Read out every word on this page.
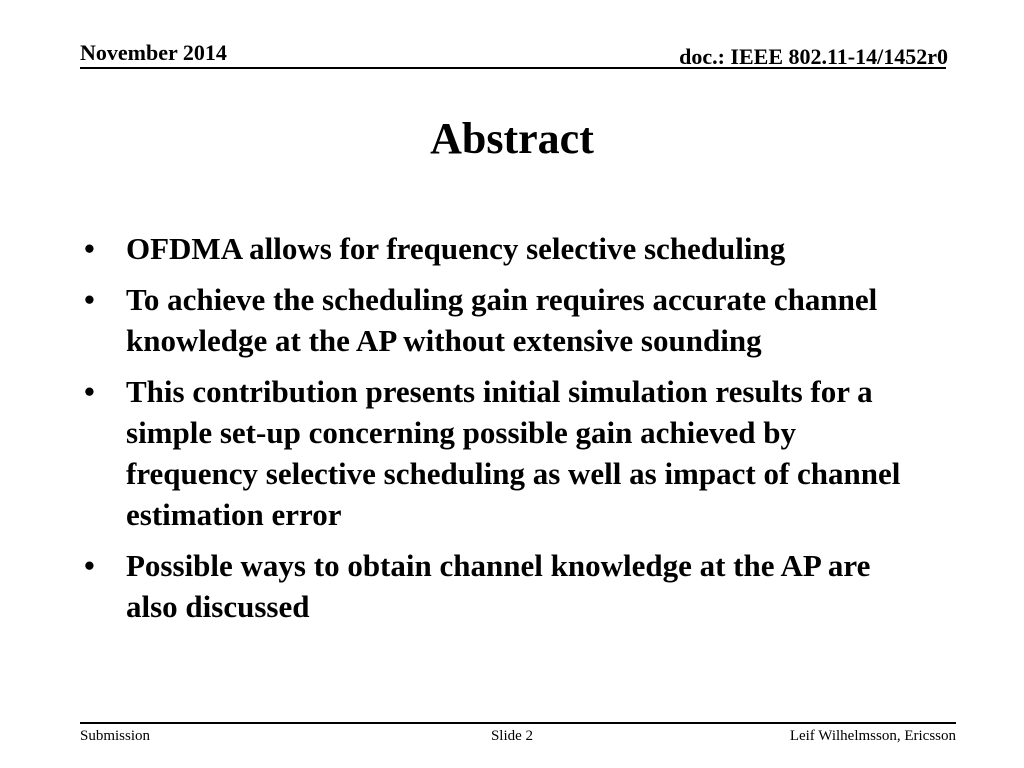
November 2014	doc.: IEEE 802.11-14/1452r0
Abstract
•	OFDMA allows for frequency selective scheduling
•	To achieve the scheduling gain requires accurate channel knowledge at the AP without extensive sounding
•	This contribution presents initial simulation results for a simple set-up concerning possible gain achieved by frequency selective scheduling as well as impact of channel estimation error
•	Possible ways to obtain channel knowledge at the AP are also discussed
Submission	Slide 2	Leif Wilhelmsson, Ericsson
